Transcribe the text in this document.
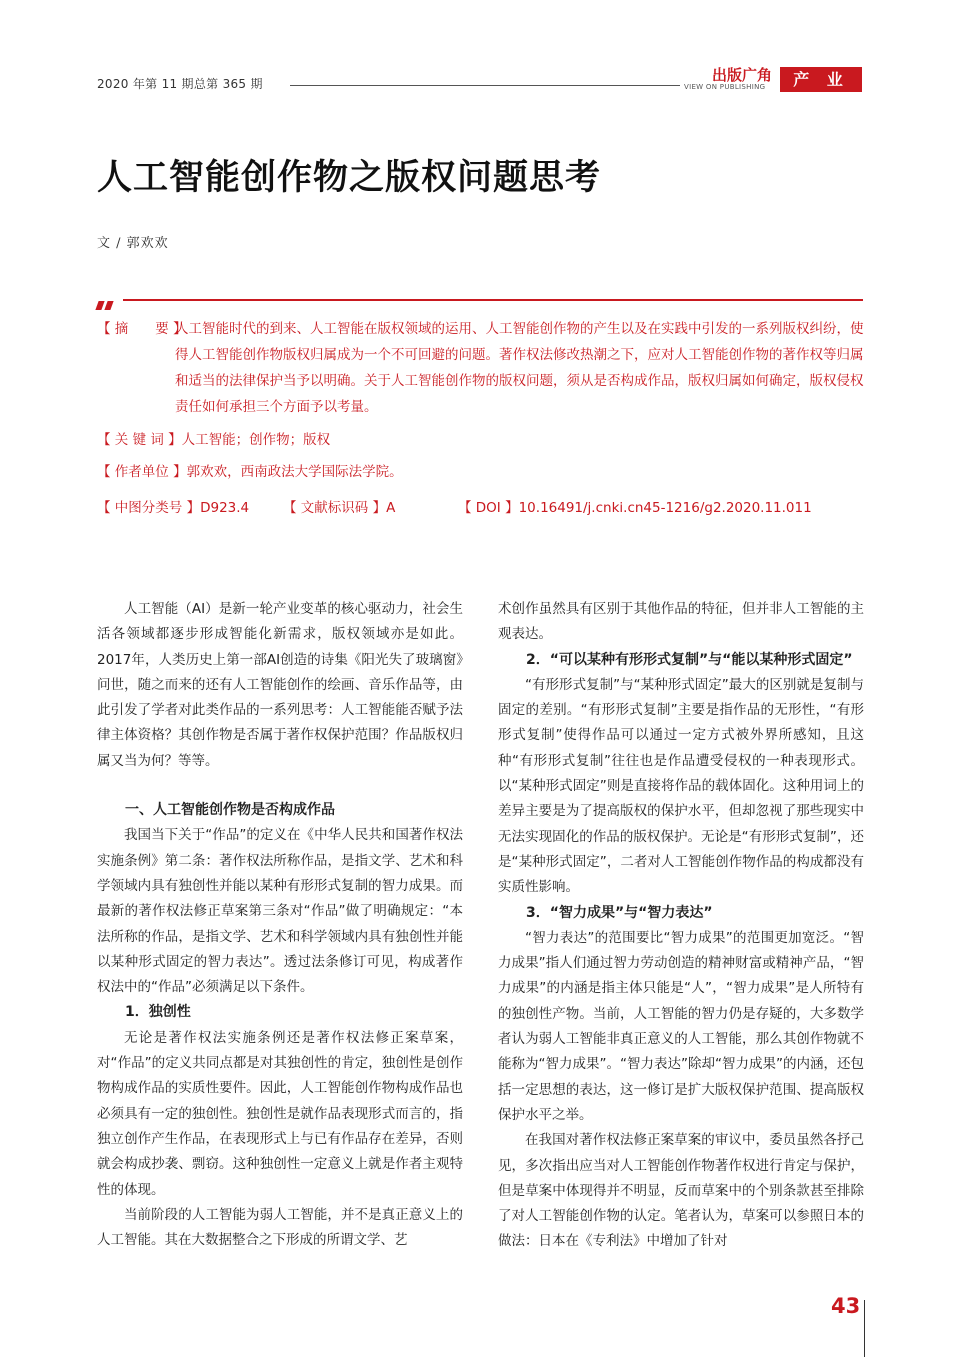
2020 年第 11 期总第 365 期	出版广角
VIEW ON PUBLISHING	产 业
人工智能创作物之版权问题思考
文 / 郭欢欢
【 摘　　要 】
人工智能时代的到来、人工智能在版权领域的运用、人工智能创作物的产生以及在实践中引发的一系列版权纠纷，使得人工智能创作物版权归属成为一个不可回避的问题。著作权法修改热潮之下，应对人工智能创作物的著作权等归属和适当的法律保护当予以明确。关于人工智能创作物的版权问题，须从是否构成作品，版权归属如何确定，版权侵权责任如何承担三个方面予以考量。
【 关 键 词 】人工智能；创作物；版权
【 作者单位 】郭欢欢，西南政法大学国际法学院。
【 中图分类号 】D923.4	【 文献标识码 】A	【 DOI 】10.16491/j.cnki.cn45-1216/g2.2020.11.011

人工智能（AI）是新一轮产业变革的核心驱动力，社会生活各领域都逐步形成智能化新需求，版权领域亦是如此。2017年，人类历史上第一部AI创造的诗集《阳光失了玻璃窗》问世，随之而来的还有人工智能创作的绘画、音乐作品等，由此引发了学者对此类作品的一系列思考：人工智能能否赋予法律主体资格？其创作物是否属于著作权保护范围？作品版权归属又当为何？等等。

一、人工智能创作物是否构成作品

我国当下关于“作品”的定义在《中华人民共和国著作权法实施条例》第二条：著作权法所称作品，是指文学、艺术和科学领域内具有独创性并能以某种有形形式复制的智力成果。而最新的著作权法修正草案第三条对“作品”做了明确规定：“本法所称的作品，是指文学、艺术和科学领域内具有独创性并能以某种形式固定的智力表达”。透过法条修订可见，构成著作权法中的“作品”必须满足以下条件。

1．独创性

无论是著作权法实施条例还是著作权法修正案草案，对“作品”的定义共同点都是对其独创性的肯定，独创性是创作物构成作品的实质性要件。因此，人工智能创作物构成作品也必须具有一定的独创性。独创性是就作品表现形式而言的，指独立创作产生作品，在表现形式上与已有作品存在差异，否则就会构成抄袭、剽窃。这种独创性一定意义上就是作者主观特性的体现。

当前阶段的人工智能为弱人工智能，并不是真正意义上的人工智能。其在大数据整合之下形成的所谓文学、艺

术创作虽然具有区别于其他作品的特征，但并非人工智能的主观表达。

2．“可以某种有形形式复制”与“能以某种形式固定”

“有形形式复制”与“某种形式固定”最大的区别就是复制与固定的差别。“有形形式复制”主要是指作品的无形性，“有形形式复制”使得作品可以通过一定方式被外界所感知，且这种“有形形式复制”往往也是作品遭受侵权的一种表现形式。以“某种形式固定”则是直接将作品的载体固化。这种用词上的差异主要是为了提高版权的保护水平，但却忽视了那些现实中无法实现固化的作品的版权保护。无论是“有形形式复制”，还是“某种形式固定”，二者对人工智能创作物作品的构成都没有实质性影响。

3．“智力成果”与“智力表达”

“智力表达”的范围要比“智力成果”的范围更加宽泛。“智力成果”指人们通过智力劳动创造的精神财富或精神产品，“智力成果”的内涵是指主体只能是“人”，“智力成果”是人所特有的独创性产物。当前，人工智能的智力仍是存疑的，大多数学者认为弱人工智能非真正意义的人工智能，那么其创作物就不能称为“智力成果”。“智力表达”除却“智力成果”的内涵，还包括一定思想的表达，这一修订是扩大版权保护范围、提高版权保护水平之举。

在我国对著作权法修正案草案的审议中，委员虽然各抒己见，多次指出应当对人工智能创作物著作权进行肯定与保护，但是草案中体现得并不明显，反而草案中的个别条款甚至排除了对人工智能创作物的认定。笔者认为，草案可以参照日本的做法：日本在《专利法》中增加了针对

43
